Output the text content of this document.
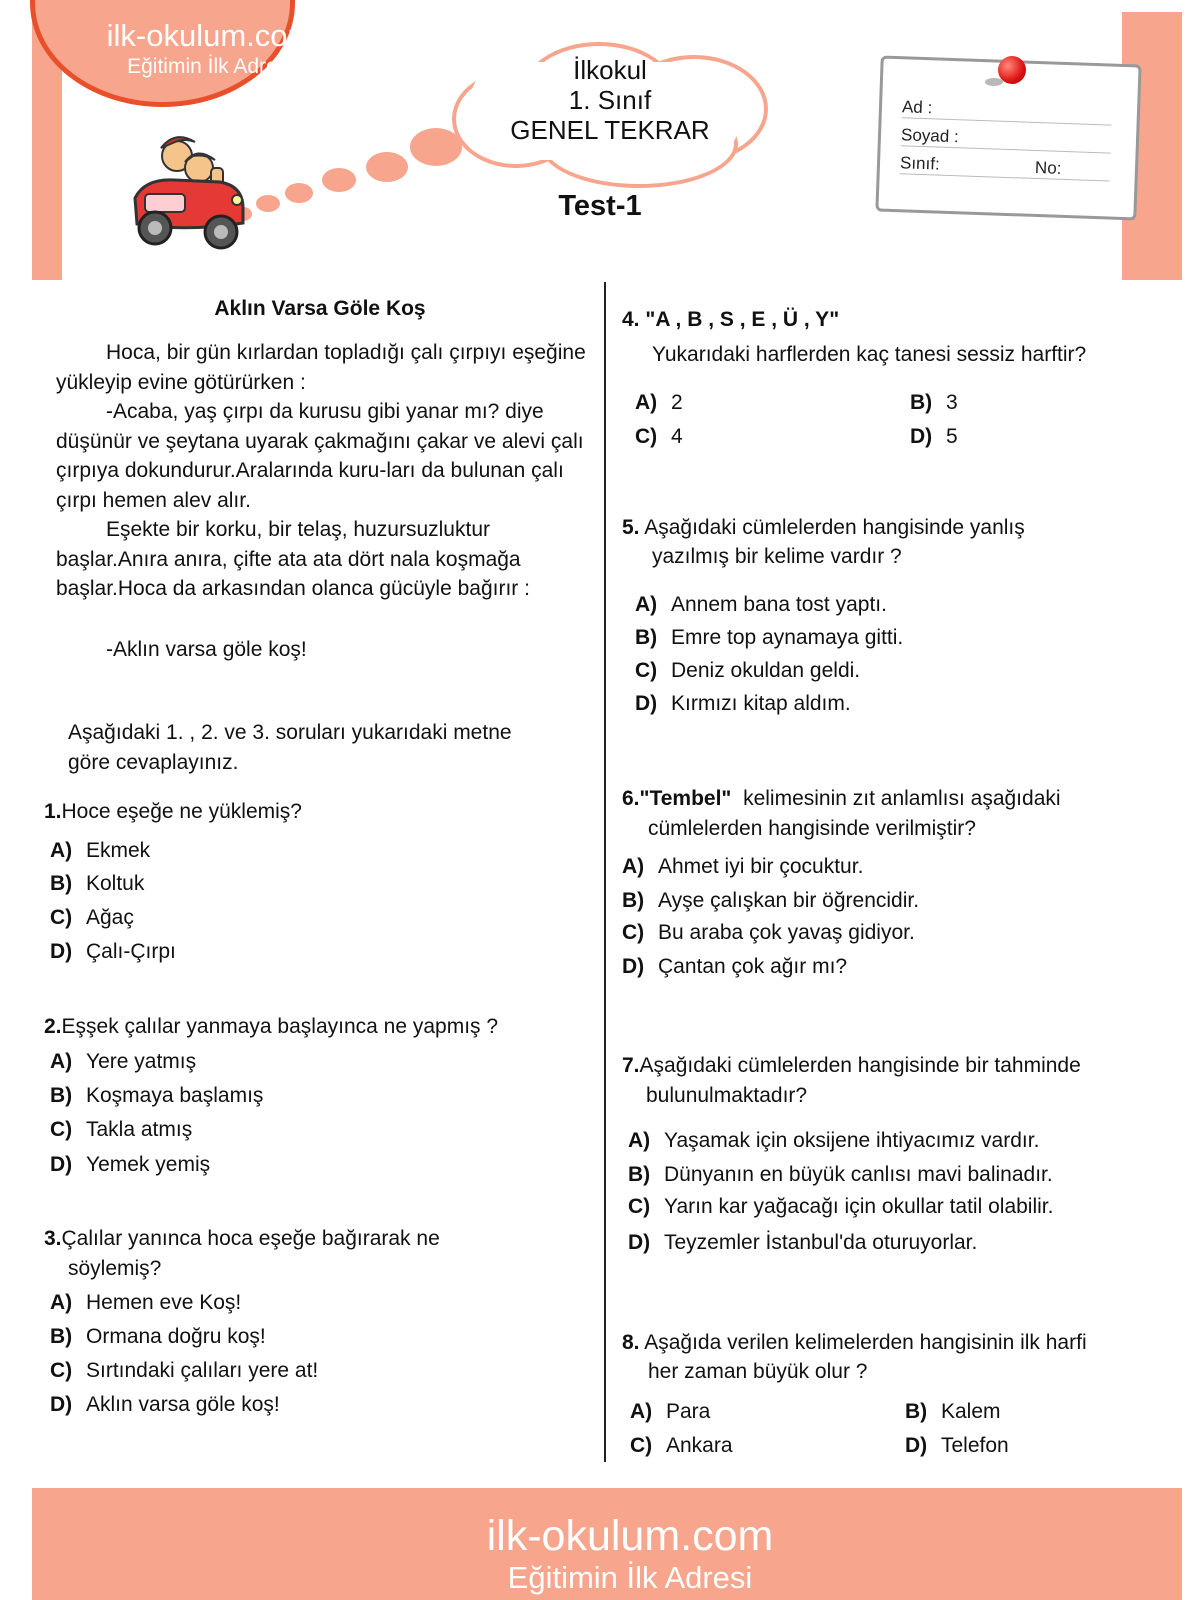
ilk-okulum.com
Eğitimin İlk Adresi	İlkokul
1. Sınıf
GENEL TEKRAR
Test-1
Ad :
Soyad :
Sınıf:	No:
Aklın Varsa Göle Koş
Hoca, bir gün kırlardan topladığı çalı çırpıyı eşeğine yükleyip evine götürürken :
-Acaba, yaş çırpı da kurusu gibi yanar mı? diye düşünür ve şeytana uyarak çakmağını çakar ve alevi çalı çırpıya dokundurur.Aralarında kuru-ları da bulunan çalı çırpı hemen alev alır.
Eşekte bir korku, bir telaş, huzursuzluktur başlar.Anıra anıra, çifte ata ata dört nala koşmağa başlar.Hoca da arkasından olanca gücüyle bağırır :
-Aklın varsa göle koş!
Aşağıdaki 1. , 2. ve 3. soruları yukarıdaki metne göre cevaplayınız.
1.Hoce eşeğe ne yüklemiş?
A) Ekmek
B) Koltuk
C) Ağaç
D) Çalı-Çırpı
2.Eşşek çalılar yanmaya başlayınca ne yapmış ?
A) Yere yatmış
B) Koşmaya başlamış
C) Takla atmış
D) Yemek yemiş
3.Çalılar yanınca hoca eşeğe bağırarak ne
söylemiş?
A) Hemen eve Koş!
B) Ormana doğru koş!
C) Sırtındaki çalıları yere at!
D) Aklın varsa göle koş!
4. "A , B , S , E , Ü , Y"
Yukarıdaki harflerden kaç tanesi sessiz harftir?
A) 2	B) 3
C) 4	D) 5
5. Aşağıdaki cümlelerden hangisinde yanlış
yazılmış bir kelime vardır ?
A) Annem bana tost yaptı.
B) Emre top aynamaya gitti.
C) Deniz okuldan geldi.
D) Kırmızı kitap aldım.
6."Tembel" kelimesinin zıt anlamlısı aşağıdaki
cümlelerden hangisinde verilmiştir?
A) Ahmet iyi bir çocuktur.
B) Ayşe çalışkan bir öğrencidir.
C) Bu araba çok yavaş gidiyor.
D) Çantan çok ağır mı?
7.Aşağıdaki cümlelerden hangisinde bir tahminde
bulunulmaktadır?
A) Yaşamak için oksijene ihtiyacımız vardır.
B) Dünyanın en büyük canlısı mavi balinadır.
C) Yarın kar yağacağı için okullar tatil olabilir.
D) Teyzemler İstanbul'da oturuyorlar.
8. Aşağıda verilen kelimelerden hangisinin ilk harfi
her zaman büyük olur ?
A) Para	B) Kalem
C) Ankara	D) Telefon
ilk-okulum.com
Eğitimin İlk Adresi
